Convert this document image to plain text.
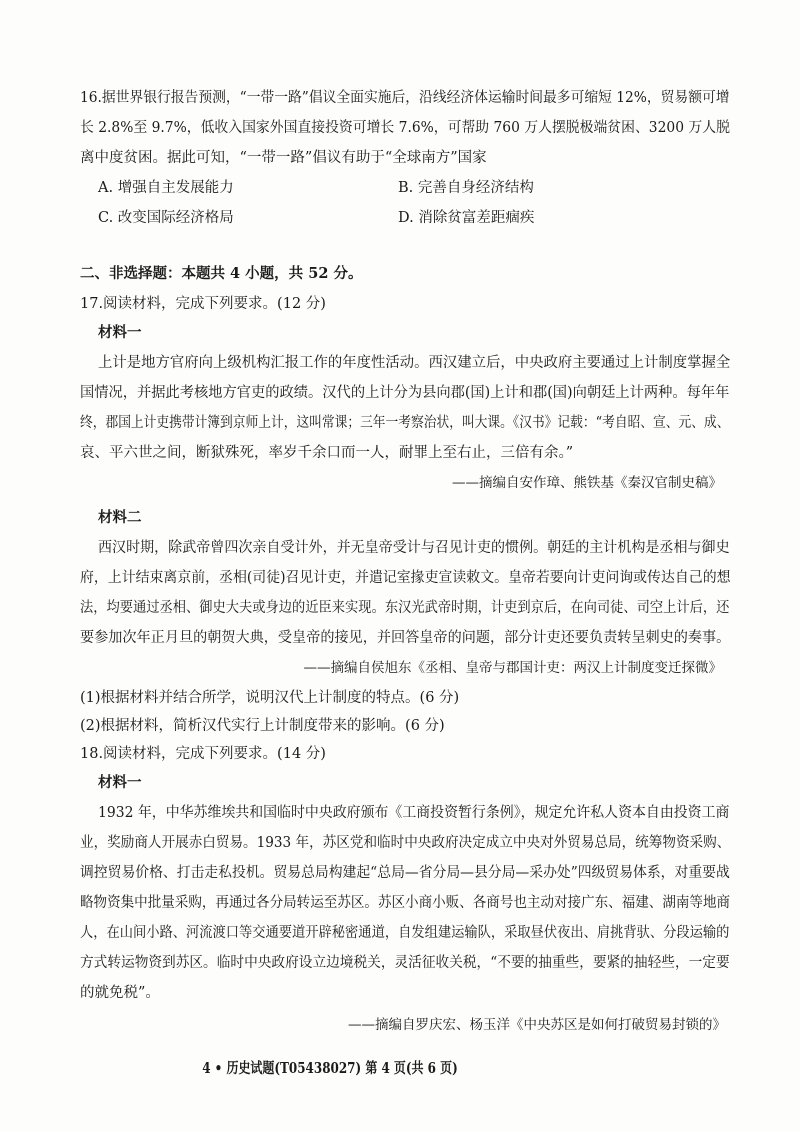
16.据世界银行报告预测，“一带一路”倡议全面实施后，沿线经济体运输时间最多可缩短 12%，贸易额可增
长 2.8%至 9.7%，低收入国家外国直接投资可增长 7.6%，可帮助 760 万人摆脱极端贫困、3200 万人脱
离中度贫困。据此可知，“一带一路”倡议有助于“全球南方”国家
A. 增强自主发展能力	B. 完善自身经济结构
C. 改变国际经济格局	D. 消除贫富差距痼疾
二、非选择题：本题共 4 小题，共 52 分。
17.阅读材料，完成下列要求。(12 分)
材料一
上计是地方官府向上级机构汇报工作的年度性活动。西汉建立后，中央政府主要通过上计制度掌握全
国情况，并据此考核地方官吏的政绩。汉代的上计分为县向郡(国)上计和郡(国)向朝廷上计两种。每年年
终，郡国上计吏携带计簿到京师上计，这叫常课；三年一考察治状，叫大课。《汉书》记载：“考自昭、宣、元、成、
哀、平六世之间，断狱殊死，率岁千余口而一人，耐罪上至右止，三倍有余。”
——摘编自安作璋、熊铁基《秦汉官制史稿》
材料二
西汉时期，除武帝曾四次亲自受计外，并无皇帝受计与召见计吏的惯例。朝廷的主计机构是丞相与御史
府，上计结束离京前，丞相(司徒)召见计吏，并遣记室掾吏宣读敕文。皇帝若要向计吏问询或传达自己的想
法，均要通过丞相、御史大夫或身边的近臣来实现。东汉光武帝时期，计吏到京后，在向司徒、司空上计后，还
要参加次年正月旦的朝贺大典，受皇帝的接见，并回答皇帝的问题，部分计吏还要负责转呈刺史的奏事。
——摘编自侯旭东《丞相、皇帝与郡国计吏：两汉上计制度变迁探微》
(1)根据材料并结合所学，说明汉代上计制度的特点。(6 分)
(2)根据材料，简析汉代实行上计制度带来的影响。(6 分)
18.阅读材料，完成下列要求。(14 分)
材料一
1932 年，中华苏维埃共和国临时中央政府颁布《工商投资暂行条例》，规定允许私人资本自由投资工商
业，奖励商人开展赤白贸易。1933 年，苏区党和临时中央政府决定成立中央对外贸易总局，统筹物资采购、
调控贸易价格、打击走私投机。贸易总局构建起“总局—省分局—县分局—采办处”四级贸易体系，对重要战
略物资集中批量采购，再通过各分局转运至苏区。苏区小商小贩、各商号也主动对接广东、福建、湖南等地商
人，在山间小路、河流渡口等交通要道开辟秘密通道，自发组建运输队，采取昼伏夜出、肩挑背驮、分段运输的
方式转运物资到苏区。临时中央政府设立边境税关，灵活征收关税，“不要的抽重些，要紧的抽轻些，一定要
的就免税”。
——摘编自罗庆宏、杨玉洋《中央苏区是如何打破贸易封锁的》
4 • 历史试题(T05438027) 第 4 页(共 6 页)
